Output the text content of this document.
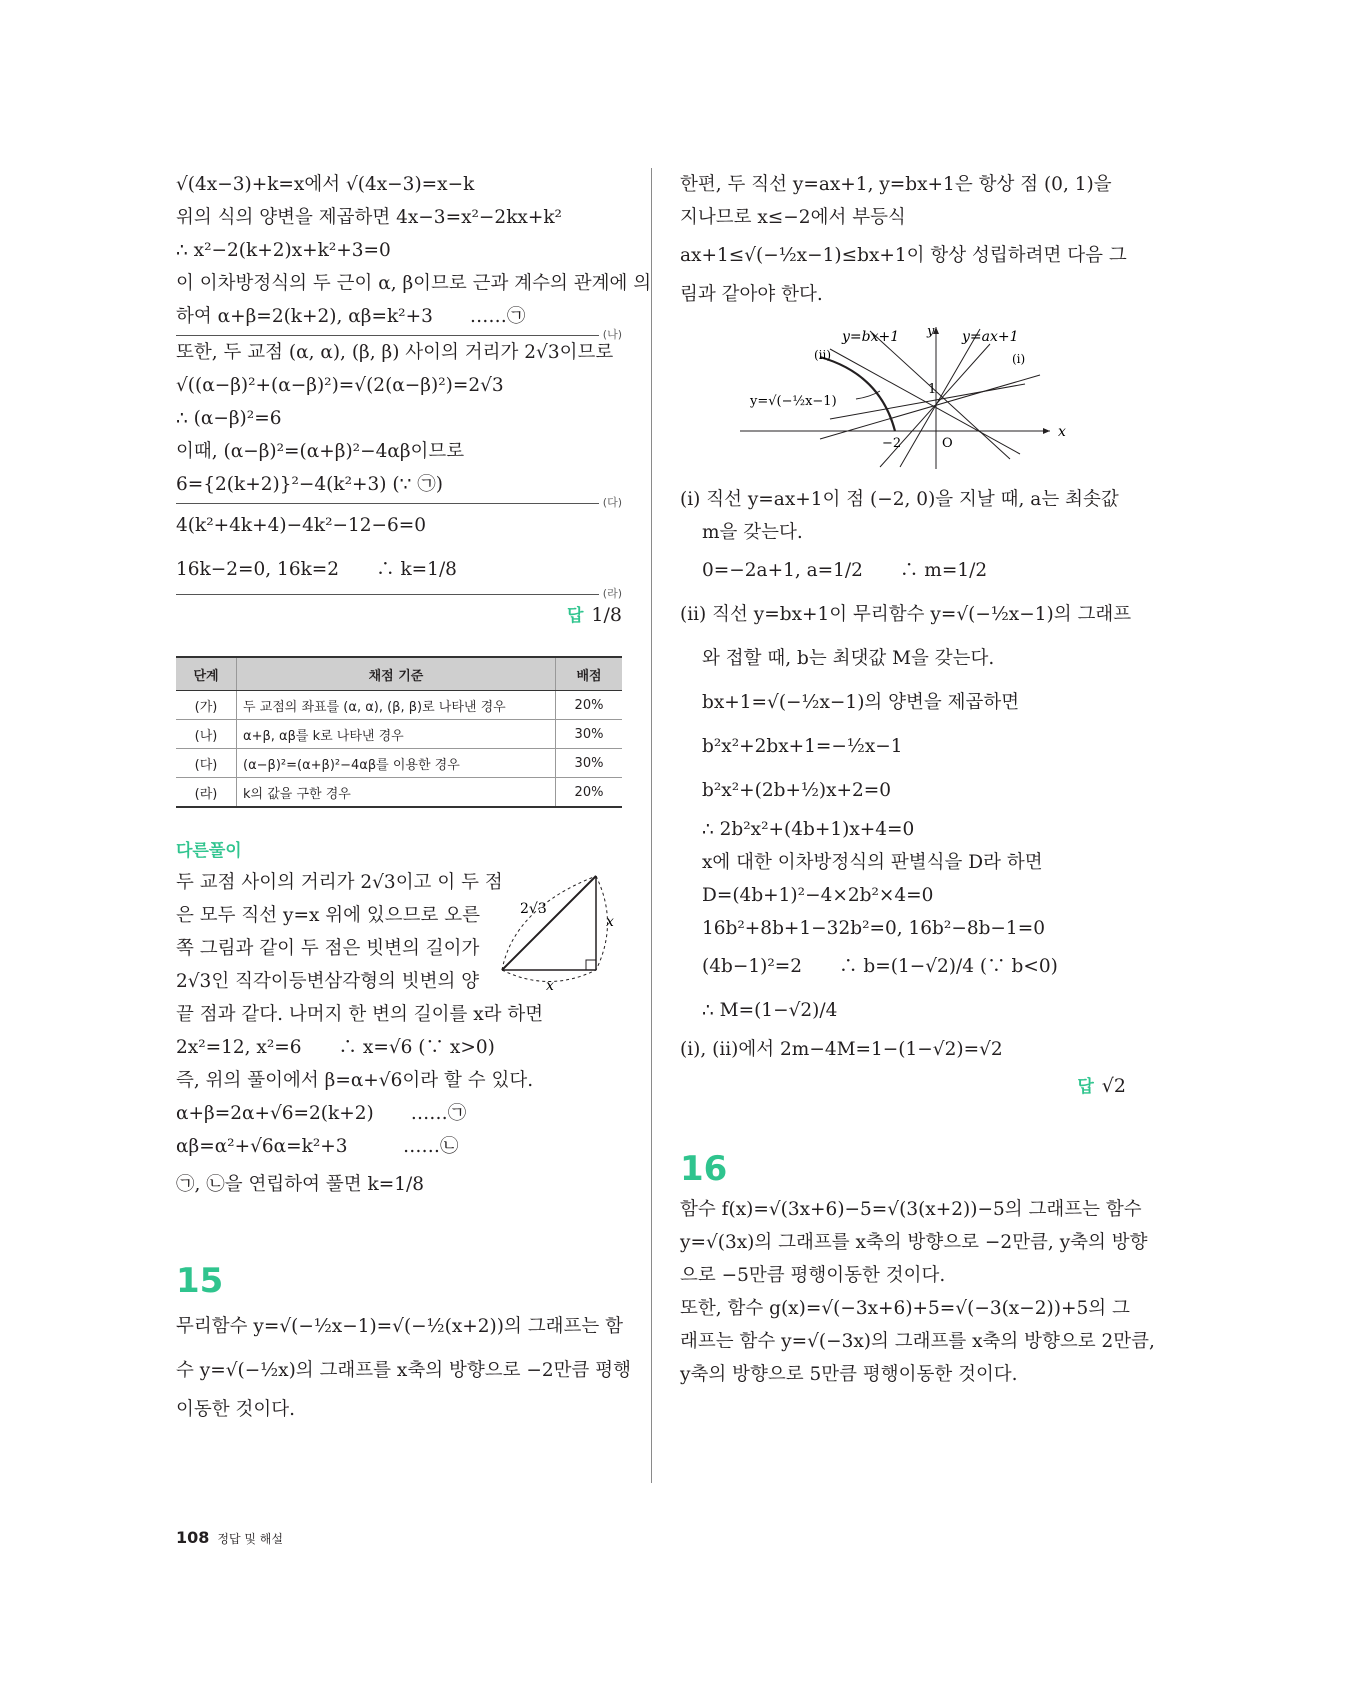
√(4x−3)+k=x에서 √(4x−3)=x−k
위의 식의 양변을 제곱하면 4x−3=x²−2kx+k²
∴ x²−2(k+2)x+k²+3=0
이 이차방정식의 두 근이 α, β이므로 근과 계수의 관계에 의
하여 α+β=2(k+2), αβ=k²+3　　……㉠
(나)
또한, 두 교점 (α, α), (β, β) 사이의 거리가 2√3이므로
√((α−β)²+(α−β)²)=√(2(α−β)²)=2√3
∴ (α−β)²=6
이때, (α−β)²=(α+β)²−4αβ이므로
6={2(k+2)}²−4(k²+3) (∵ ㉠)
(다)
4(k²+4k+4)−4k²−12−6=0
16k−2=0, 16k=2　　∴ k=1/8
(라)
답 1/8
단계	채점 기준	배점
(가)	두 교점의 좌표를 (α, α), (β, β)로 나타낸 경우	20%
(나)	α+β, αβ를 k로 나타낸 경우	30%
(다)	(α−β)²=(α+β)²−4αβ를 이용한 경우	30%
(라)	k의 값을 구한 경우	20%
다른풀이
2√3
x
x
두 교점 사이의 거리가 2√3이고 이 두 점
은 모두 직선 y=x 위에 있으므로 오른
쪽 그림과 같이 두 점은 빗변의 길이가
2√3인 직각이등변삼각형의 빗변의 양
끝 점과 같다. 나머지 한 변의 길이를 x라 하면
2x²=12, x²=6　　∴ x=√6 (∵ x>0)
즉, 위의 풀이에서 β=α+√6이라 할 수 있다.
α+β=2α+√6=2(k+2)　　……㉠
αβ=α²+√6α=k²+3　　　……㉡
㉠, ㉡을 연립하여 풀면 k=1/8
15
무리함수 y=√(−½x−1)=√(−½(x+2))의 그래프는 함
수 y=√(−½x)의 그래프를 x축의 방향으로 −2만큼 평행
이동한 것이다.
한편, 두 직선 y=ax+1, y=bx+1은 항상 점 (0, 1)을
지나므로 x≤−2에서 부등식
ax+1≤√(−½x−1)≤bx+1이 항상 성립하려면 다음 그
림과 같아야 한다.
y=bx+1	y=ax+1
y
x
(i)
(ii)
y=√(−½x−1)
1
−2	O
(i) 직선 y=ax+1이 점 (−2, 0)을 지날 때, a는 최솟값
m을 갖는다.
0=−2a+1, a=1/2　　∴ m=1/2
(ii) 직선 y=bx+1이 무리함수 y=√(−½x−1)의 그래프
와 접할 때, b는 최댓값 M을 갖는다.
bx+1=√(−½x−1)의 양변을 제곱하면
b²x²+2bx+1=−½x−1
b²x²+(2b+½)x+2=0
∴ 2b²x²+(4b+1)x+4=0
x에 대한 이차방정식의 판별식을 D라 하면
D=(4b+1)²−4×2b²×4=0
16b²+8b+1−32b²=0, 16b²−8b−1=0
(4b−1)²=2　　∴ b=(1−√2)/4 (∵ b<0)
∴ M=(1−√2)/4
(i), (ii)에서 2m−4M=1−(1−√2)=√2
답 √2
16
함수 f(x)=√(3x+6)−5=√(3(x+2))−5의 그래프는 함수
y=√(3x)의 그래프를 x축의 방향으로 −2만큼, y축의 방향
으로 −5만큼 평행이동한 것이다.
또한, 함수 g(x)=√(−3x+6)+5=√(−3(x−2))+5의 그
래프는 함수 y=√(−3x)의 그래프를 x축의 방향으로 2만큼,
y축의 방향으로 5만큼 평행이동한 것이다.
108 정답 및 해설
